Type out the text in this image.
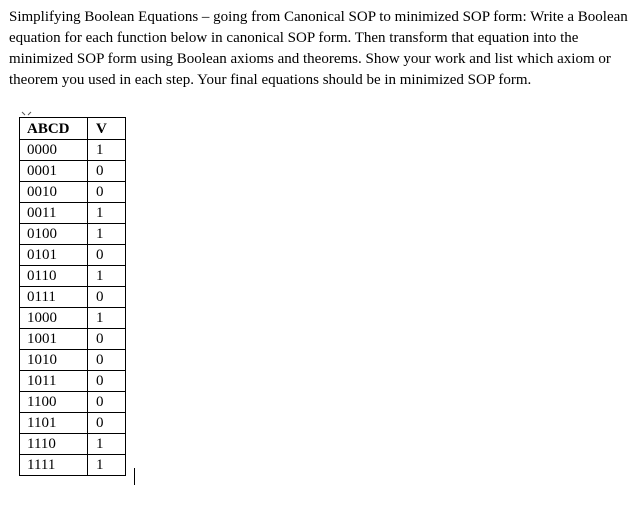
Simplifying Boolean Equations – going from Canonical SOP to minimized SOP form: Write a Boolean equation for each function below in canonical SOP form. Then transform that equation into the minimized SOP form using Boolean axioms and theorems. Show your work and list which axiom or theorem you used in each step. Your final equations should be in minimized SOP form.

ABCD	V
0000	1
0001	0
0010	0
0011	1
0100	1
0101	0
0110	1
0111	0
1000	1
1001	0
1010	0
1011	0
1100	0
1101	0
1110	1
1111	1
